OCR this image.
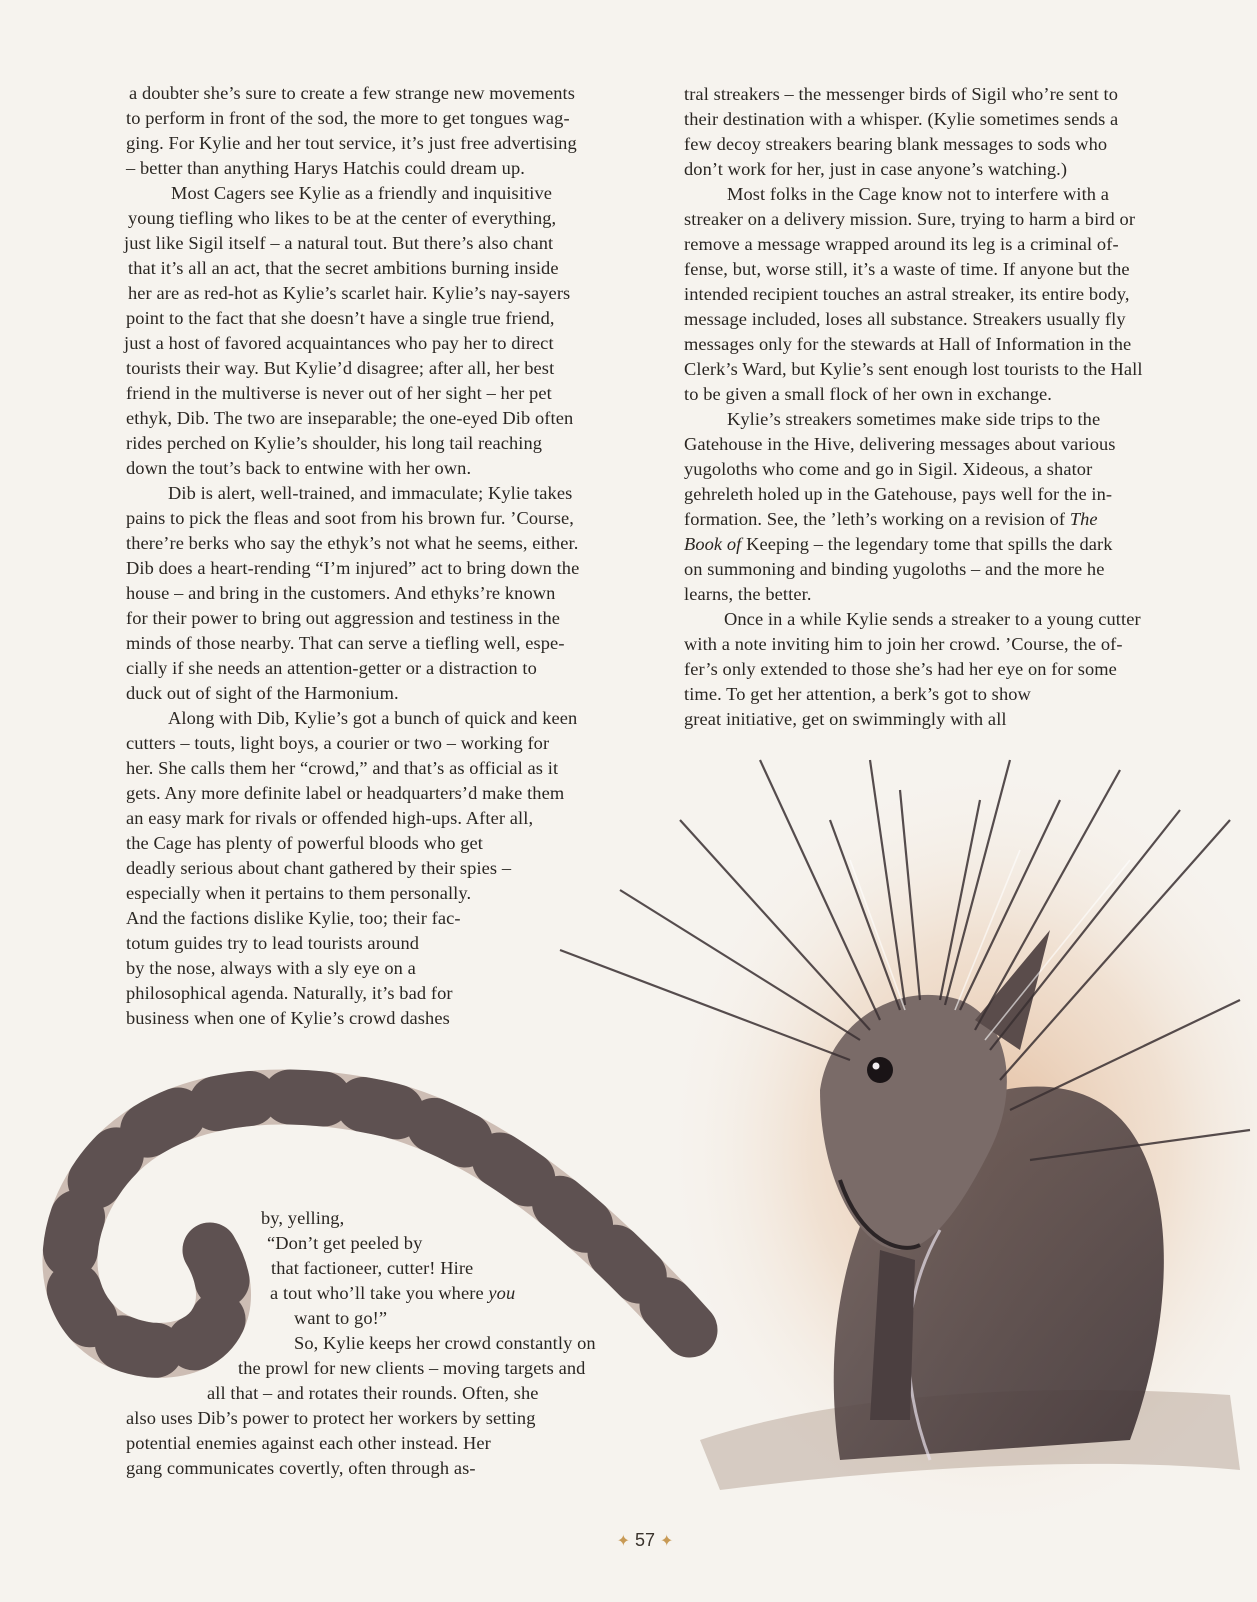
a doubter she’s sure to create a few strange new movements
to perform in front of the sod, the more to get tongues wag-
ging. For Kylie and her tout service, it’s just free advertising
– better than anything Harys Hatchis could dream up.
Most Cagers see Kylie as a friendly and inquisitive
young tiefling who likes to be at the center of everything,
just like Sigil itself – a natural tout. But there’s also chant
that it’s all an act, that the secret ambitions burning inside
her are as red-hot as Kylie’s scarlet hair. Kylie’s nay-sayers
point to the fact that she doesn’t have a single true friend,
just a host of favored acquaintances who pay her to direct
tourists their way. But Kylie’d disagree; after all, her best
friend in the multiverse is never out of her sight – her pet
ethyk, Dib. The two are inseparable; the one-eyed Dib often
rides perched on Kylie’s shoulder, his long tail reaching
down the tout’s back to entwine with her own.
Dib is alert, well-trained, and immaculate; Kylie takes
pains to pick the fleas and soot from his brown fur. ’Course,
there’re berks who say the ethyk’s not what he seems, either.
Dib does a heart-rending “I’m injured” act to bring down the
house – and bring in the customers. And ethyks’re known
for their power to bring out aggression and testiness in the
minds of those nearby. That can serve a tiefling well, espe-
cially if she needs an attention-getter or a distraction to
duck out of sight of the Harmonium.
Along with Dib, Kylie’s got a bunch of quick and keen
cutters – touts, light boys, a courier or two – working for
her. She calls them her “crowd,” and that’s as official as it
gets. Any more definite label or headquarters’d make them
an easy mark for rivals or offended high-ups. After all,
the Cage has plenty of powerful bloods who get
deadly serious about chant gathered by their spies –
especially when it pertains to them personally.
And the factions dislike Kylie, too; their fac-
totum guides try to lead tourists around
by the nose, always with a sly eye on a
philosophical agenda. Naturally, it’s bad for
business when one of Kylie’s crowd dashes
tral streakers – the messenger birds of Sigil who’re sent to
their destination with a whisper. (Kylie sometimes sends a
few decoy streakers bearing blank messages to sods who
don’t work for her, just in case anyone’s watching.)
Most folks in the Cage know not to interfere with a
streaker on a delivery mission. Sure, trying to harm a bird or
remove a message wrapped around its leg is a criminal of-
fense, but, worse still, it’s a waste of time. If anyone but the
intended recipient touches an astral streaker, its entire body,
message included, loses all substance. Streakers usually fly
messages only for the stewards at Hall of Information in the
Clerk’s Ward, but Kylie’s sent enough lost tourists to the Hall
to be given a small flock of her own in exchange.
Kylie’s streakers sometimes make side trips to the
Gatehouse in the Hive, delivering messages about various
yugoloths who come and go in Sigil. Xideous, a shator
gehreleth holed up in the Gatehouse, pays well for the in-
formation. See, the ’leth’s working on a revision of The
Book of Keeping – the legendary tome that spills the dark
on summoning and binding yugoloths – and the more he
learns, the better.
Once in a while Kylie sends a streaker to a young cutter
with a note inviting him to join her crowd. ’Course, the of-
fer’s only extended to those she’s had her eye on for some
time. To get her attention, a berk’s got to show
great initiative, get on swimmingly with all
by, yelling,
“Don’t get peeled by
that factioneer, cutter! Hire
a tout who’ll take you where you
want to go!”
So, Kylie keeps her crowd constantly on
the prowl for new clients – moving targets and
all that – and rotates their rounds. Often, she
also uses Dib’s power to protect her workers by setting
potential enemies against each other instead. Her
gang communicates covertly, often through as-
✦ 57 ✦
